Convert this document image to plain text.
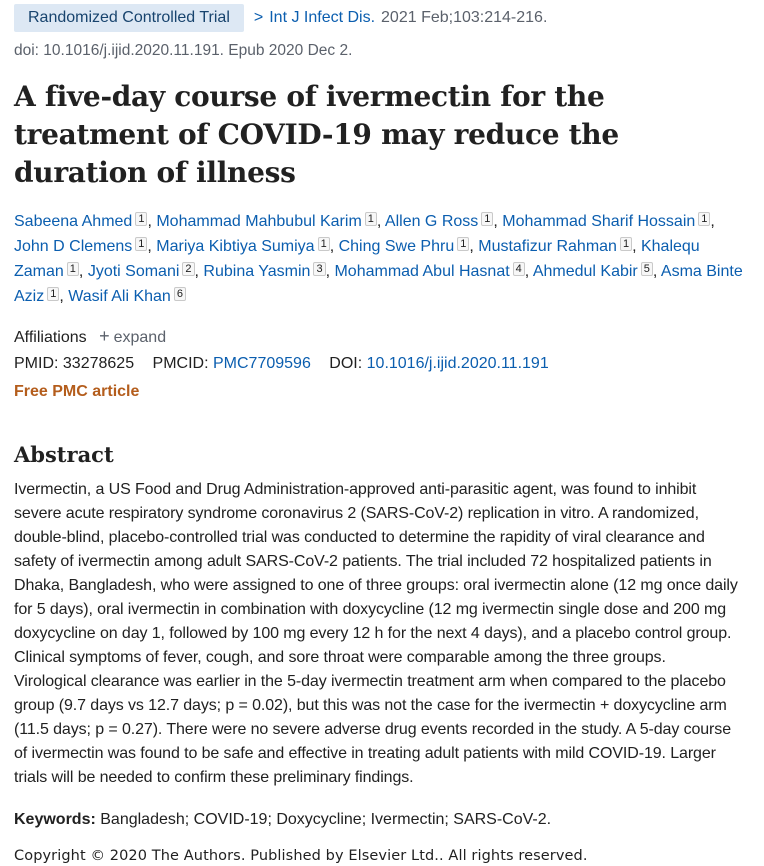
Randomized Controlled Trial	> Int J Infect Dis. 2021 Feb;103:214-216.
doi: 10.1016/j.ijid.2020.11.191. Epub 2020 Dec 2.
A five-day course of ivermectin for the treatment of COVID-19 may reduce the duration of illness
Sabeena Ahmed $^1$ , Mohammad Mahbubul Karim $^1$ , Allen G Ross $^1$ , Mohammad Sharif Hossain $^1$ , John D Clemens $^1$ , Mariya Kibtiya Sumiya $^1$ , Ching Swe Phru $^1$ , Mustafizur Rahman $^1$ , Khalequ Zaman $^1$ , Jyoti Somani $^2$ , Rubina Yasmin $^3$ , Mohammad Abul Hasnat $^4$ , Ahmedul Kabir $^5$ , Asma Binte Aziz $^1$ , Wasif Ali Khan $^6$
Affiliations + expand
PMID: 33278625 PMCID: PMC7709596 DOI: 10.1016/j.ijid.2020.11.191
Free PMC article
Abstract
Ivermectin, a US Food and Drug Administration-approved anti-parasitic agent, was found to inhibit severe acute respiratory syndrome coronavirus 2 (SARS-CoV-2) replication in vitro. A randomized, double-blind, placebo-controlled trial was conducted to determine the rapidity of viral clearance and safety of ivermectin among adult SARS-CoV-2 patients. The trial included 72 hospitalized patients in Dhaka, Bangladesh, who were assigned to one of three groups: oral ivermectin alone (12 mg once daily for 5 days), oral ivermectin in combination with doxycycline (12 mg ivermectin single dose and 200 mg doxycycline on day 1, followed by 100 mg every 12 h for the next 4 days), and a placebo control group. Clinical symptoms of fever, cough, and sore throat were comparable among the three groups. Virological clearance was earlier in the 5-day ivermectin treatment arm when compared to the placebo group (9.7 days vs 12.7 days; p = 0.02), but this was not the case for the ivermectin + doxycycline arm (11.5 days; p = 0.27). There were no severe adverse drug events recorded in the study. A 5-day course of ivermectin was found to be safe and effective in treating adult patients with mild COVID-19. Larger trials will be needed to confirm these preliminary findings.
Keywords: Bangladesh; COVID-19; Doxycycline; Ivermectin; SARS-CoV-2.
Copyright © 2020 The Authors. Published by Elsevier Ltd.. All rights reserved.
